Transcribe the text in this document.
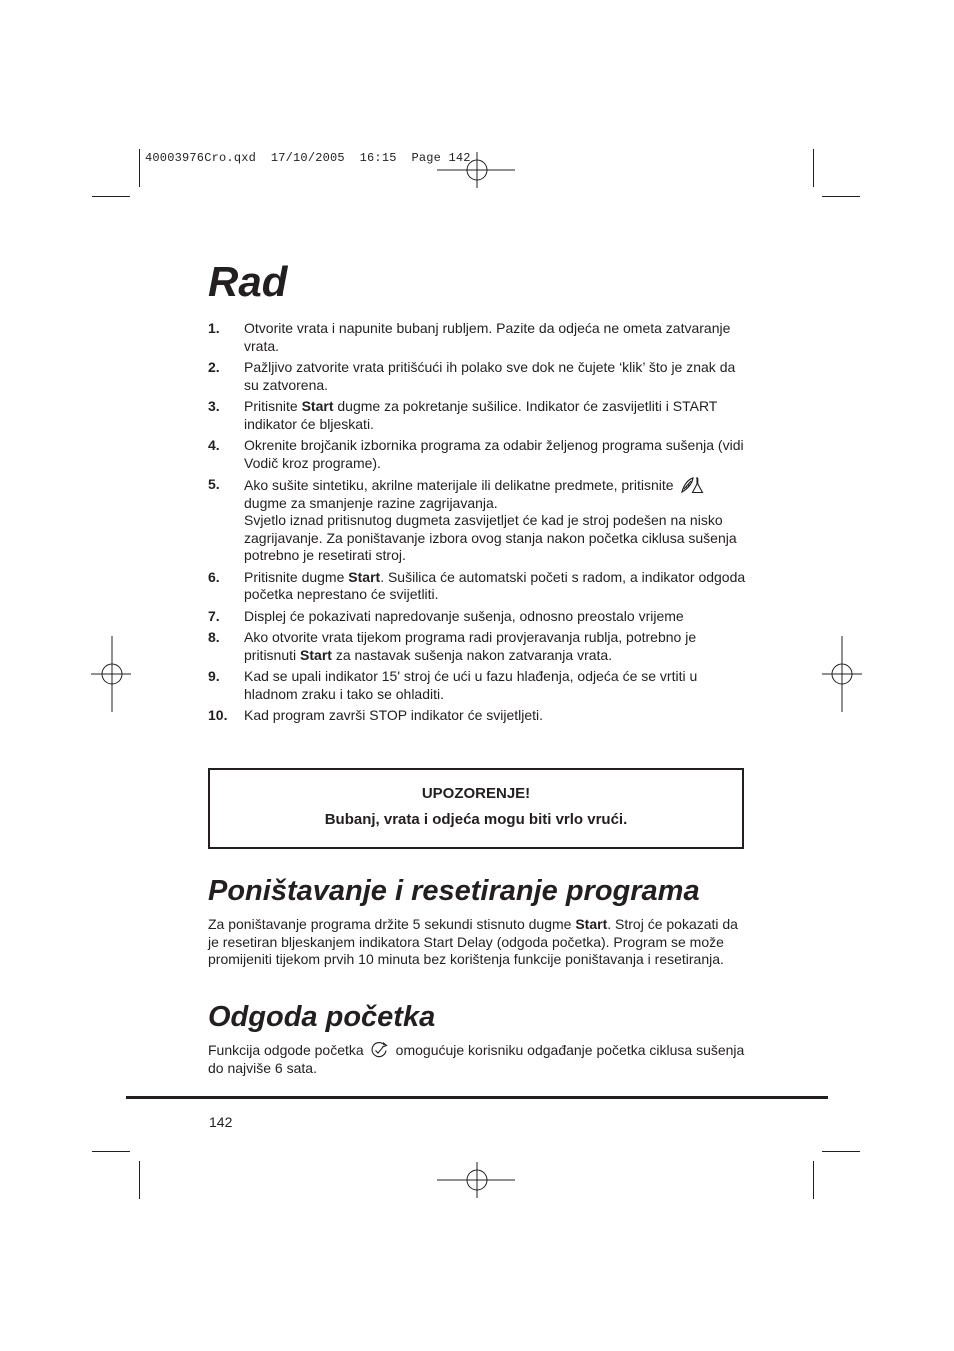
40003976Cro.qxd  17/10/2005  16:15  Page 142
Rad
1. Otvorite vrata i napunite bubanj rubljem. Pazite da odjeća ne ometa zatvaranje vrata.
2. Pažljivo zatvorite vrata pritišćući ih polako sve dok ne čujete ‘klik’ što je znak da su zatvorena.
3. Pritisnite Start dugme za pokretanje sušilice. Indikator će zasvijetliti i START indikator će bljeskati.
4. Okrenite brojčanik izbornika programa za odabir željenog programa sušenja (vidi Vodič kroz programe).
5. Ako sušite sintetiku, akrilne materijale ili delikatne predmete, pritisnite
dugme za smanjenje razine zagrijavanja.
Svjetlo iznad pritisnutog dugmeta zasvijetljet će kad je stroj podešen na nisko zagrijavanje. Za poništavanje izbora ovog stanja nakon početka ciklusa sušenja potrebno je resetirati stroj.
6. Pritisnite dugme Start. Sušilica će automatski početi s radom, a indikator odgoda početka neprestano će svijetliti.
7. Displej će pokazivati napredovanje sušenja, odnosno preostalo vrijeme
8. Ako otvorite vrata tijekom programa radi provjeravanja rublja, potrebno je pritisnuti Start za nastavak sušenja nakon zatvaranja vrata.
9. Kad se upali indikator 15' stroj će ući u fazu hlađenja, odjeća će se vrtiti u hladnom zraku i tako se ohladiti.
10. Kad program završi STOP indikator će svijetljeti.
UPOZORENJE!
Bubanj, vrata i odjeća mogu biti vrlo vrući.
Poništavanje i resetiranje programa

Za poništavanje programa držite 5 sekundi stisnuto dugme Start. Stroj će pokazati da je resetiran bljeskanjem indikatora Start Delay (odgoda početka). Program se može promijeniti tijekom prvih 10 minuta bez korištenja funkcije poništavanja i resetiranja.

Odgoda početka

Funkcija odgode početka omogućuje korisniku odgađanje početka ciklusa sušenja do najviše 6 sata.

142
